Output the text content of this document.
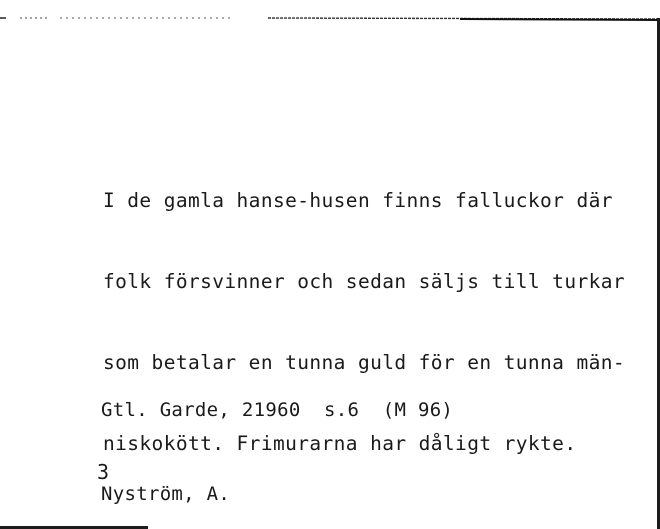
I de gamla hanse-husen finns falluckor där

folk försvinner och sedan säljs till turkar

som betalar en tunna guld för en tunna män-

niskokött. Frimurarna har dåligt rykte.

Gtl. Garde, 21960  s.6  (M 96)

Nyström, A.

3
